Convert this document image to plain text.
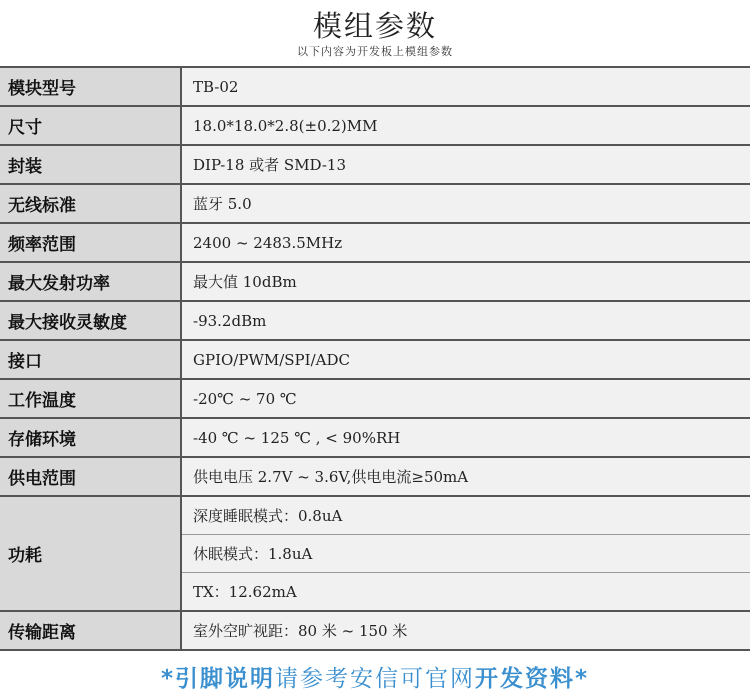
模组参数
以下内容为开发板上模组参数
模块型号	TB-02
尺寸	18.0*18.0*2.8(±0.2)MM
封装	DIP-18 或者 SMD-13
无线标准	蓝牙 5.0
频率范围	2400 ~ 2483.5MHz
最大发射功率	最大值 10dBm
最大接收灵敏度	-93.2dBm
接口	GPIO/PWM/SPI/ADC
工作温度	-20℃ ~ 70 ℃
存储环境	-40 ℃ ~ 125 ℃ , < 90%RH
供电范围	供电电压 2.7V ~ 3.6V,供电电流≥50mA
功耗	深度睡眠模式：0.8uA
	休眠模式：1.8uA
	TX：12.62mA
传输距离	室外空旷视距：80 米 ~ 150 米
*引脚说明请参考安信可官网开发资料*
